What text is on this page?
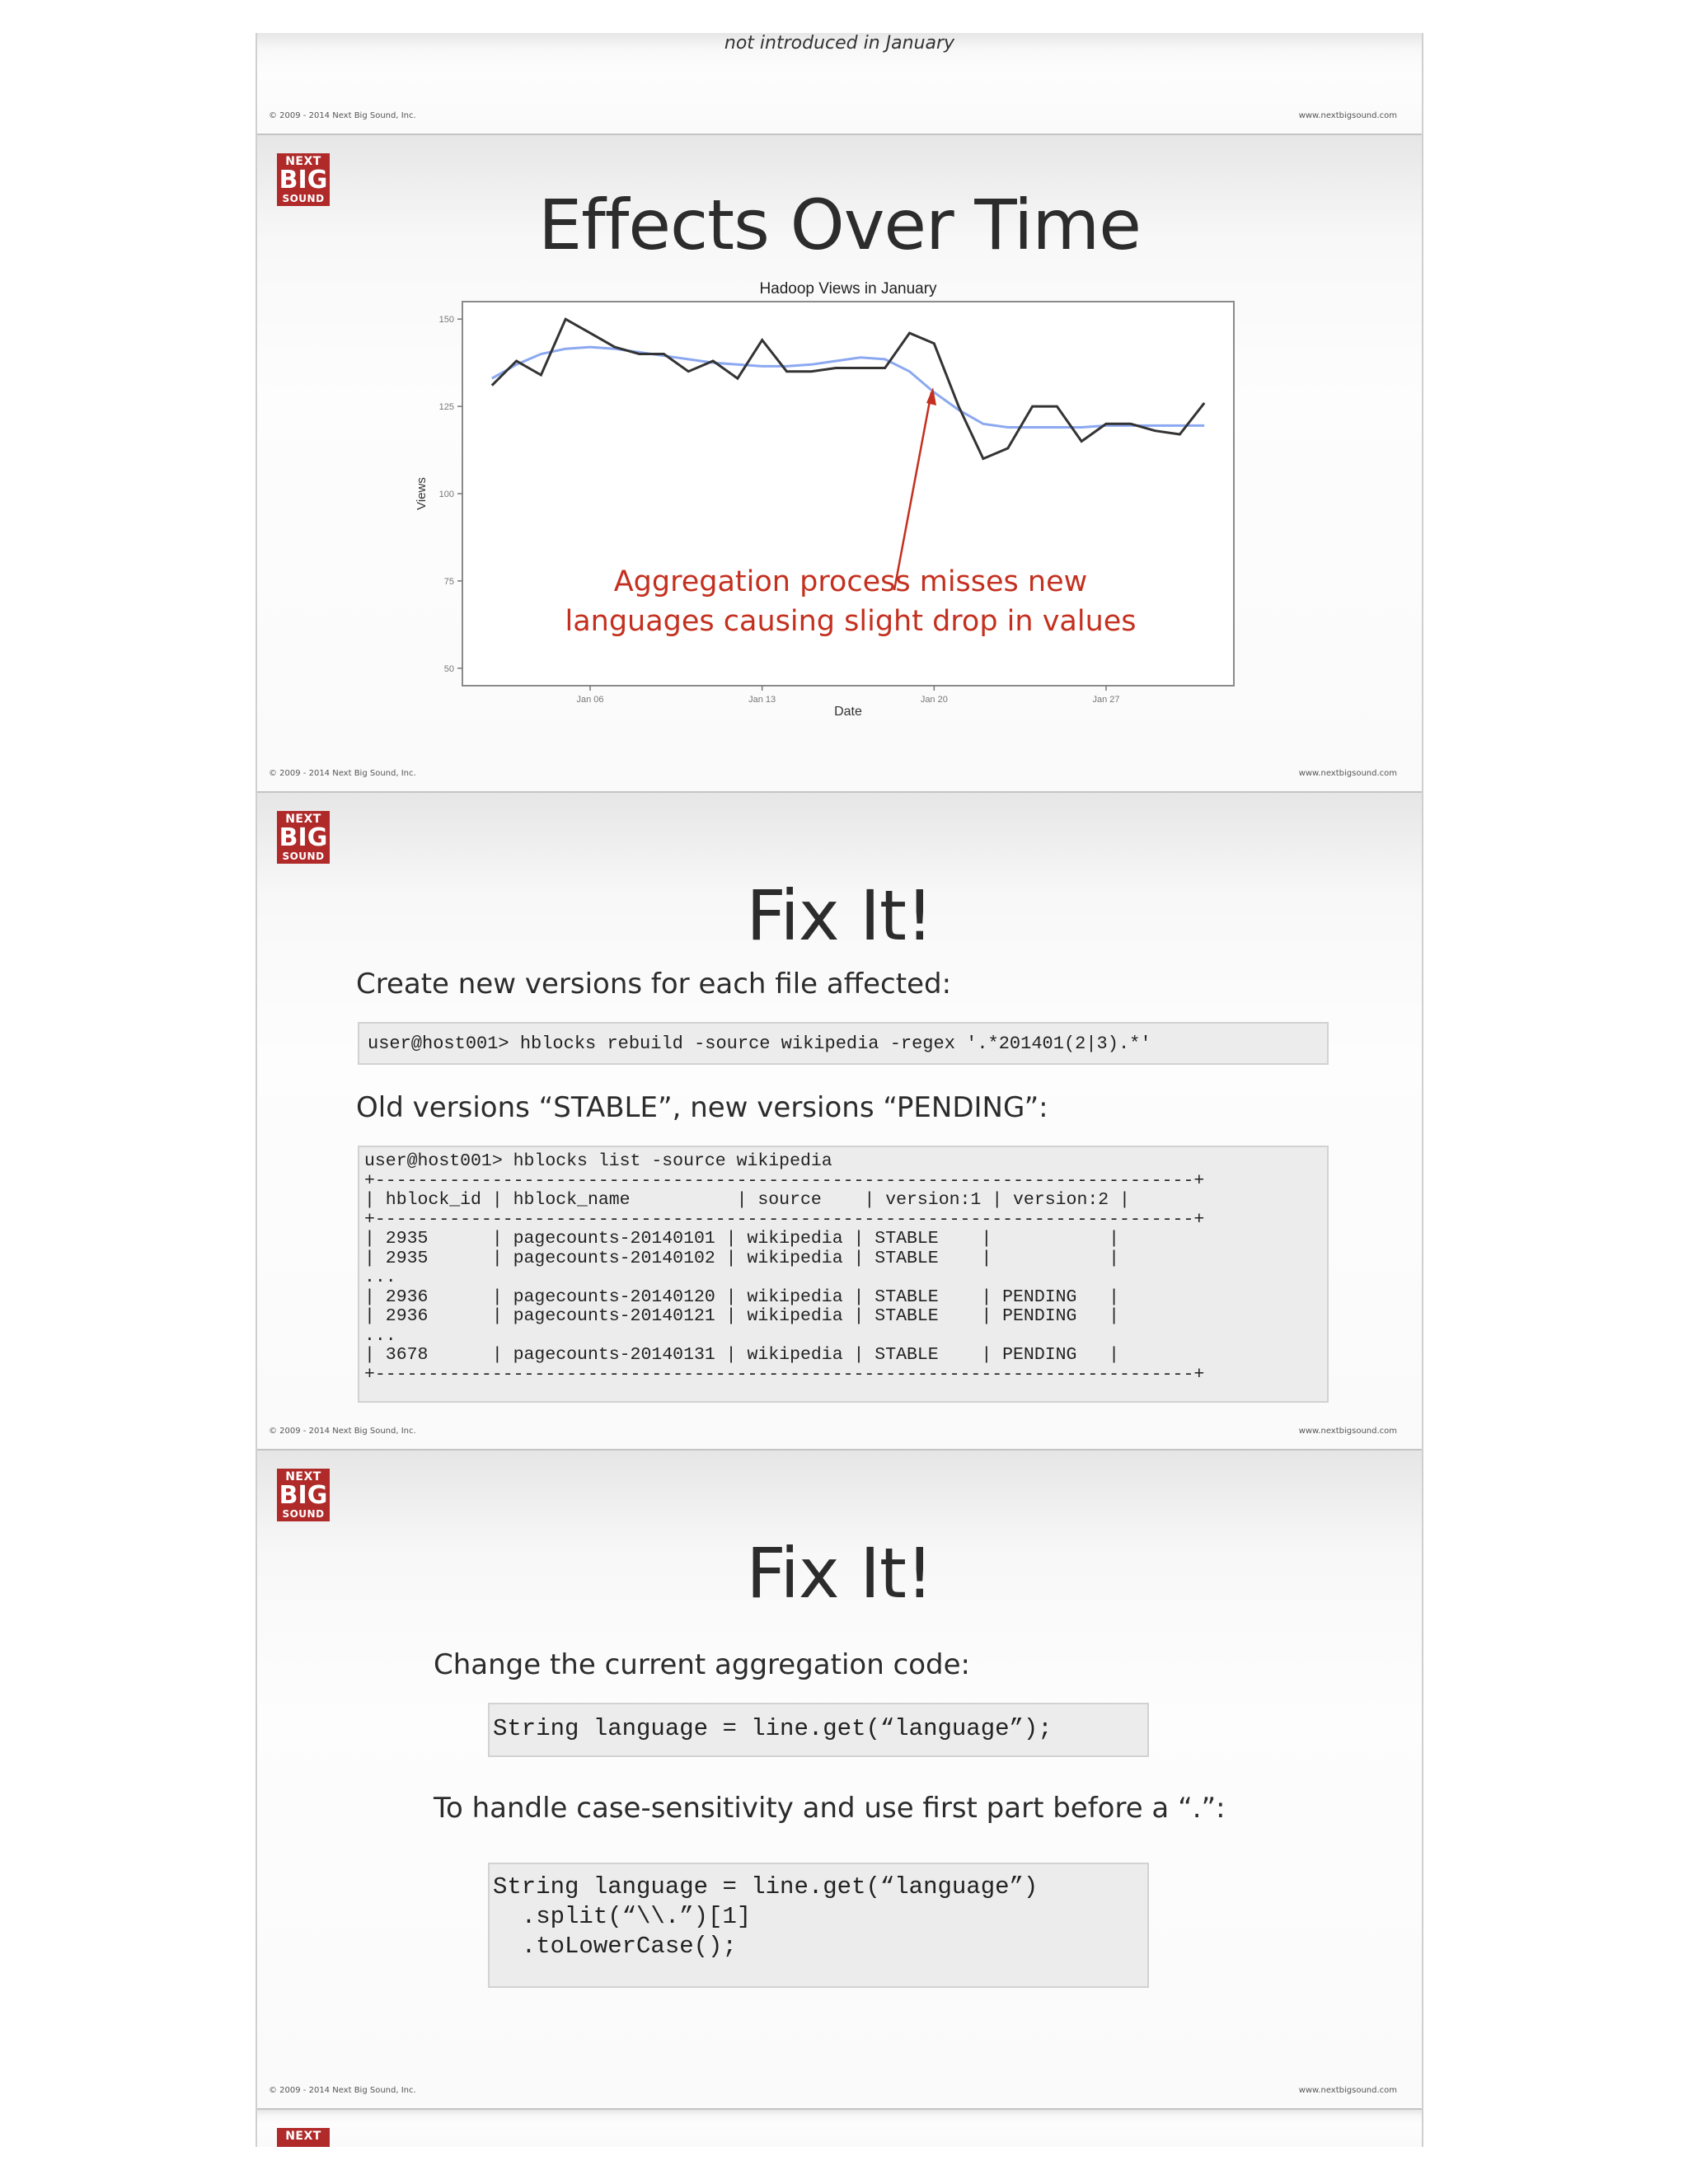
not introduced in January
© 2009 - 2014 Next Big Sound, Inc.	www.nextbigsound.com
NEXT
BIG
SOUND	Effects Over Time
Hadoop Views in January
50
75
100
125
150
Jan 06	Jan 13	Jan 20	Jan 27
Views
Date
Aggregation process misses new
languages causing slight drop in values
© 2009 - 2014 Next Big Sound, Inc.	www.nextbigsound.com
NEXT
BIG
SOUND
Fix It!
Create new versions for each file affected:
user@host001> hblocks rebuild -source wikipedia -regex '.*201401(2|3).*'
Old versions “STABLE”, new versions “PENDING”:
user@host001> hblocks list -source wikipedia
+-----------------------------------------------------------------------------+
| hblock_id | hblock_name          | source    | version:1 | version:2 |
+-----------------------------------------------------------------------------+
| 2935      | pagecounts-20140101 | wikipedia | STABLE    |           |
| 2935      | pagecounts-20140102 | wikipedia | STABLE    |           |
...
| 2936      | pagecounts-20140120 | wikipedia | STABLE    | PENDING   |
| 2936      | pagecounts-20140121 | wikipedia | STABLE    | PENDING   |
...
| 3678      | pagecounts-20140131 | wikipedia | STABLE    | PENDING   |
+-----------------------------------------------------------------------------+
© 2009 - 2014 Next Big Sound, Inc.	www.nextbigsound.com
NEXT
BIG
SOUND
Fix It!
Change the current aggregation code:
String language = line.get(“language”);
To handle case-sensitivity and use first part before a “.”:
String language = line.get(“language”)
.split(“\\.”)[1]
.toLowerCase();
© 2009 - 2014 Next Big Sound, Inc.	www.nextbigsound.com
NEXT
